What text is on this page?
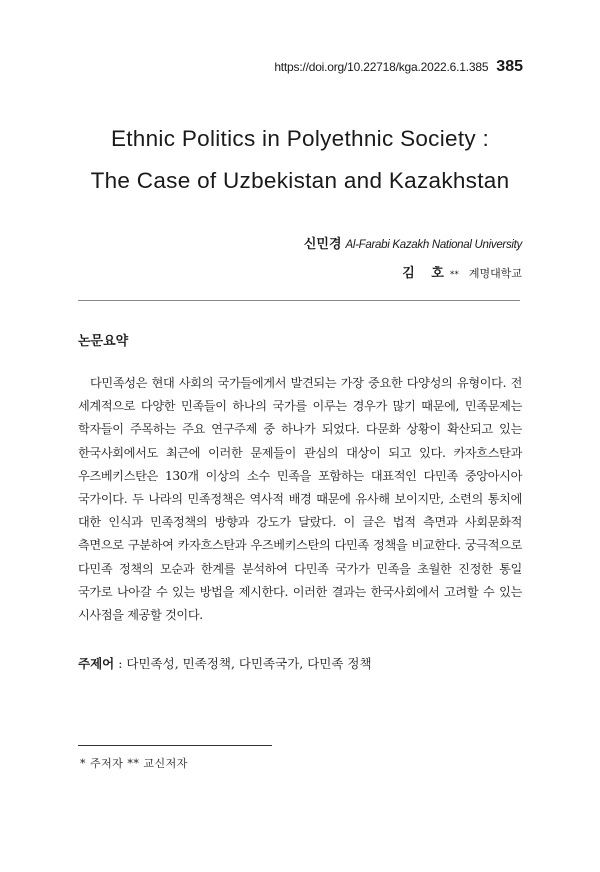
https://doi.org/10.22718/kga.2022.6.1.385 385
Ethnic Politics in Polyethnic Society :
The Case of Uzbekistan and Kazakhstan
신민경 Al-Farabi Kazakh National University
김 호 ** 계명대학교
논문요약
다민족성은 현대 사회의 국가들에게서 발견되는 가장 중요한 다양성의 유형이다. 전 세계적으로 다양한 민족들이 하나의 국가를 이루는 경우가 많기 때문에, 민족문제는 학자들이 주목하는 주요 연구주제 중 하나가 되었다. 다문화 상황이 확산되고 있는 한국사회에서도 최근에 이러한 문제들이 관심의 대상이 되고 있다. 카자흐스탄과 우즈베키스탄은 130개 이상의 소수 민족을 포함하는 대표적인 다민족 중앙아시아 국가이다. 두 나라의 민족정책은 역사적 배경 때문에 유사해 보이지만, 소련의 통치에 대한 인식과 민족정책의 방향과 강도가 달랐다. 이 글은 법적 측면과 사회문화적 측면으로 구분하여 카자흐스탄과 우즈베키스탄의 다민족 정책을 비교한다. 궁극적으로 다민족 정책의 모순과 한계를 분석하여 다민족 국가가 민족을 초월한 진정한 통일 국가로 나아갈 수 있는 방법을 제시한다. 이러한 결과는 한국사회에서 고려할 수 있는 시사점을 제공할 것이다.
주제어 : 다민족성, 민족정책, 다민족국가, 다민족 정책
* 주저자 ** 교신저자
